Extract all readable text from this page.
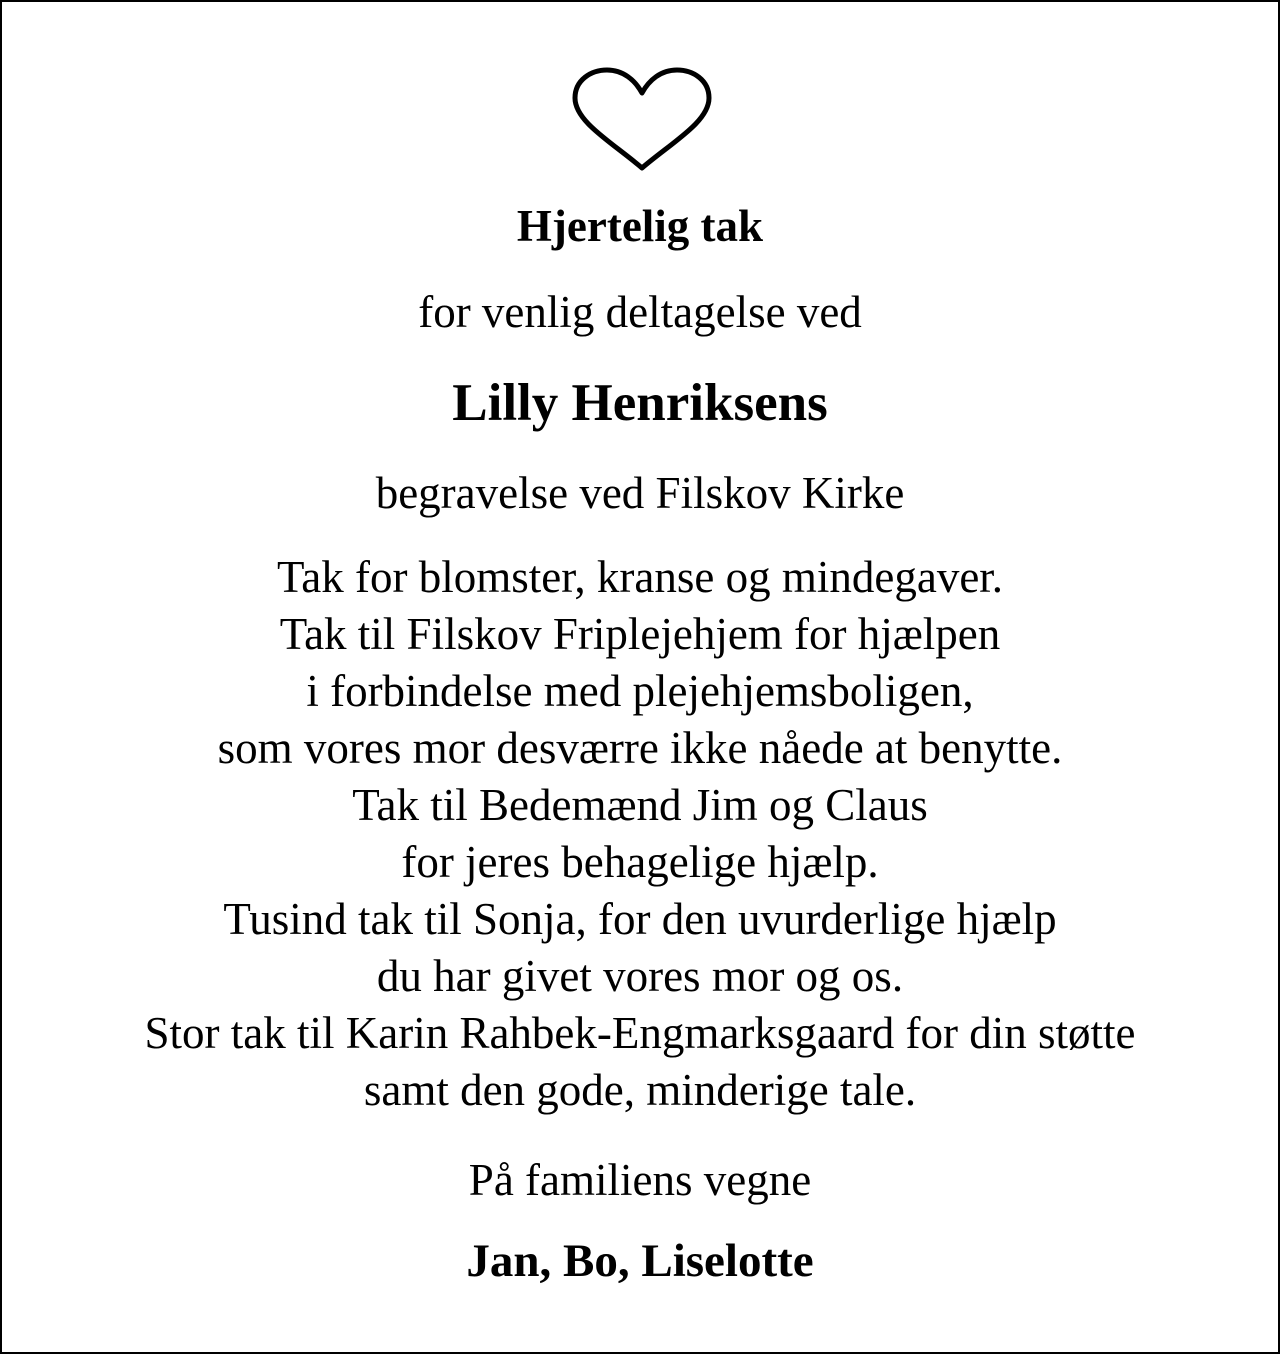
Hjertelig tak
for venlig deltagelse ved
Lilly Henriksens
begravelse ved Filskov Kirke
Tak for blomster, kranse og mindegaver.
Tak til Filskov Friplejehjem for hjælpen
i forbindelse med plejehjemsboligen,
som vores mor desværre ikke nåede at benytte.
Tak til Bedemænd Jim og Claus
for jeres behagelige hjælp.
Tusind tak til Sonja, for den uvurderlige hjælp
du har givet vores mor og os.
Stor tak til Karin Rahbek-Engmarksgaard for din støtte
samt den gode, minderige tale.
På familiens vegne
Jan, Bo, Liselotte
